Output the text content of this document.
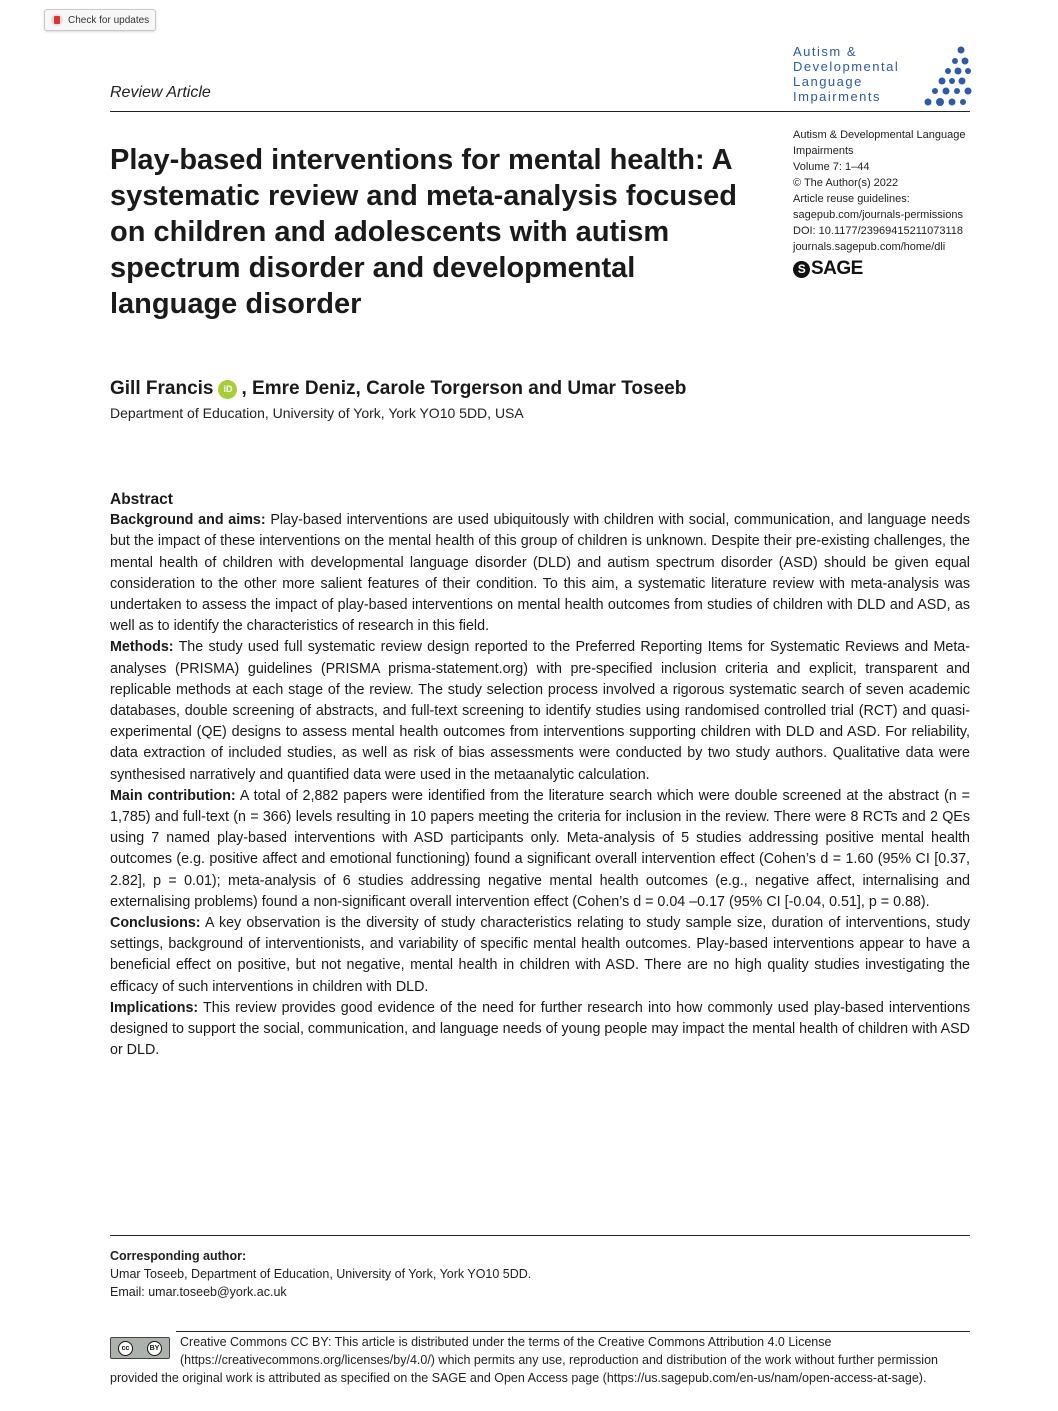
Check for updates
Review Article
Autism &
Developmental
Language
Impairments
Play-based interventions for mental health: A systematic review and meta-analysis focused on children and adolescents with autism spectrum disorder and developmental language disorder
Autism & Developmental Language
Impairments
Volume 7: 1–44
© The Author(s) 2022
Article reuse guidelines:
sagepub.com/journals-permissions
DOI: 10.1177/23969415211073118
journals.sagepub.com/home/dli
S SAGE
Gill Francis	iD , Emre Deniz, Carole Torgerson and Umar Toseeb
Department of Education, University of York, York YO10 5DD, USA
Abstract

Background and aims: Play-based interventions are used ubiquitously with children with social, communication, and language needs but the impact of these interventions on the mental health of this group of children is unknown. Despite their pre-existing challenges, the mental health of children with developmental language disorder (DLD) and autism spectrum disorder (ASD) should be given equal consideration to the other more salient features of their condition. To this aim, a systematic literature review with meta-analysis was undertaken to assess the impact of play-based interventions on mental health outcomes from studies of children with DLD and ASD, as well as to identify the characteristics of research in this field.

Methods: The study used full systematic review design reported to the Preferred Reporting Items for Systematic Reviews and Meta-analyses (PRISMA) guidelines (PRISMA prisma-statement.org) with pre-specified inclusion criteria and explicit, transparent and replicable methods at each stage of the review. The study selection process involved a rigorous systematic search of seven academic databases, double screening of abstracts, and full-text screening to identify studies using randomised controlled trial (RCT) and quasi-experimental (QE) designs to assess mental health outcomes from interventions supporting children with DLD and ASD. For reliability, data extraction of included studies, as well as risk of bias assessments were conducted by two study authors. Qualitative data were synthesised narratively and quantified data were used in the metaanalytic calculation.

Main contribution: A total of 2,882 papers were identified from the literature search which were double screened at the abstract (n = 1,785) and full-text (n = 366) levels resulting in 10 papers meeting the criteria for inclusion in the review. There were 8 RCTs and 2 QEs using 7 named play-based interventions with ASD participants only. Meta-analysis of 5 studies addressing positive mental health outcomes (e.g. positive affect and emotional functioning) found a significant overall intervention effect (Cohen’s d = 1.60 (95% CI [0.37, 2.82], p = 0.01); meta-analysis of 6 studies addressing negative mental health outcomes (e.g., negative affect, internalising and externalising problems) found a non-significant overall intervention effect (Cohen’s d = 0.04 –0.17 (95% CI [-0.04, 0.51], p = 0.88).

Conclusions: A key observation is the diversity of study characteristics relating to study sample size, duration of interventions, study settings, background of interventionists, and variability of specific mental health outcomes. Play-based interventions appear to have a beneficial effect on positive, but not negative, mental health in children with ASD. There are no high quality studies investigating the efficacy of such interventions in children with DLD.

Implications: This review provides good evidence of the need for further research into how commonly used play-based interventions designed to support the social, communication, and language needs of young people may impact the mental health of children with ASD or DLD.

Corresponding author:
Umar Toseeb, Department of Education, University of York, York YO10 5DD.
Email: umar.toseeb@york.ac.uk
cc	BY Creative Commons CC BY: This article is distributed under the terms of the Creative Commons Attribution 4.0 License (https://creativecommons.org/licenses/by/4.0/) which permits any use, reproduction and distribution of the work without further permission
provided the original work is attributed as specified on the SAGE and Open Access page (https://us.sagepub.com/en-us/nam/open-access-at-sage).
